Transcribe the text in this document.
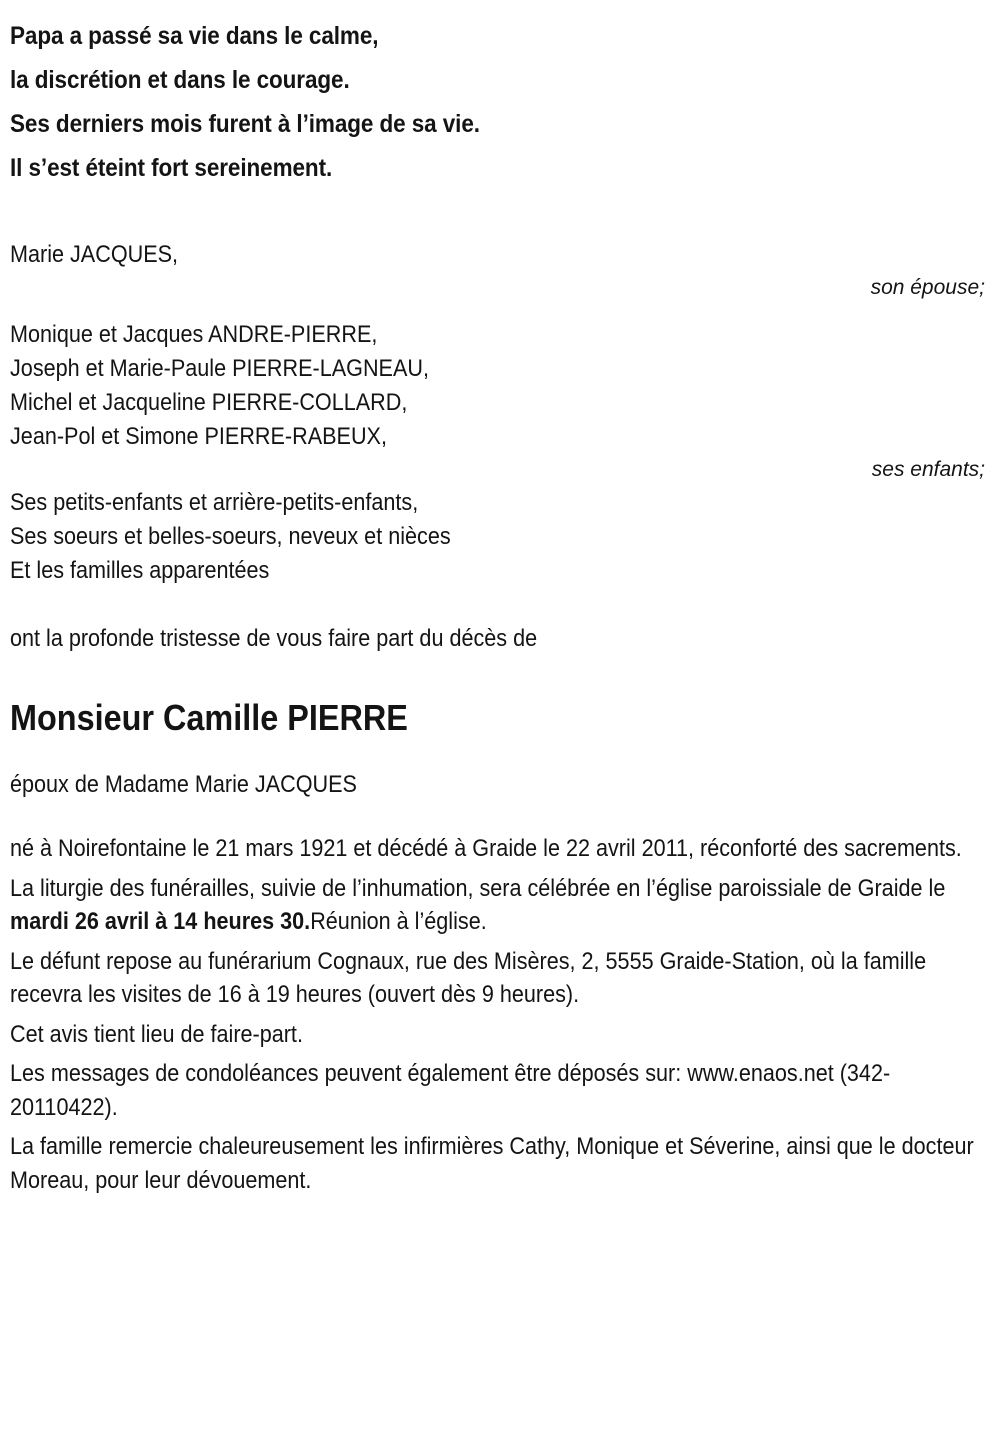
Papa a passé sa vie dans le calme,
la discrétion et dans le courage.
Ses derniers mois furent à l’image de sa vie.
Il s’est éteint fort sereinement.
Marie JACQUES,
son épouse;
Monique et Jacques ANDRE-PIERRE,
Joseph et Marie-Paule PIERRE-LAGNEAU,
Michel et Jacqueline PIERRE-COLLARD,
Jean-Pol et Simone PIERRE-RABEUX,
ses enfants;
Ses petits-enfants et arrière-petits-enfants,
Ses soeurs et belles-soeurs, neveux et nièces
Et les familles apparentées
ont la profonde tristesse de vous faire part du décès de
Monsieur Camille PIERRE
époux de Madame Marie JACQUES

né à Noirefontaine le 21 mars 1921 et décédé à Graide le 22 avril 2011, réconforté des sacrements.

La liturgie des funérailles, suivie de l’inhumation, sera célébrée en l’église paroissiale de Graide le mardi 26 avril à 14 heures 30.Réunion à l’église.

Le défunt repose au funérarium Cognaux, rue des Misères, 2, 5555 Graide-Station, où la famille recevra les visites de 16 à 19 heures (ouvert dès 9 heures).

Cet avis tient lieu de faire-part.

Les messages de condoléances peuvent également être déposés sur: www.enaos.net (342-20110422).

La famille remercie chaleureusement les infirmières Cathy, Monique et Séverine, ainsi que le docteur Moreau, pour leur dévouement.
